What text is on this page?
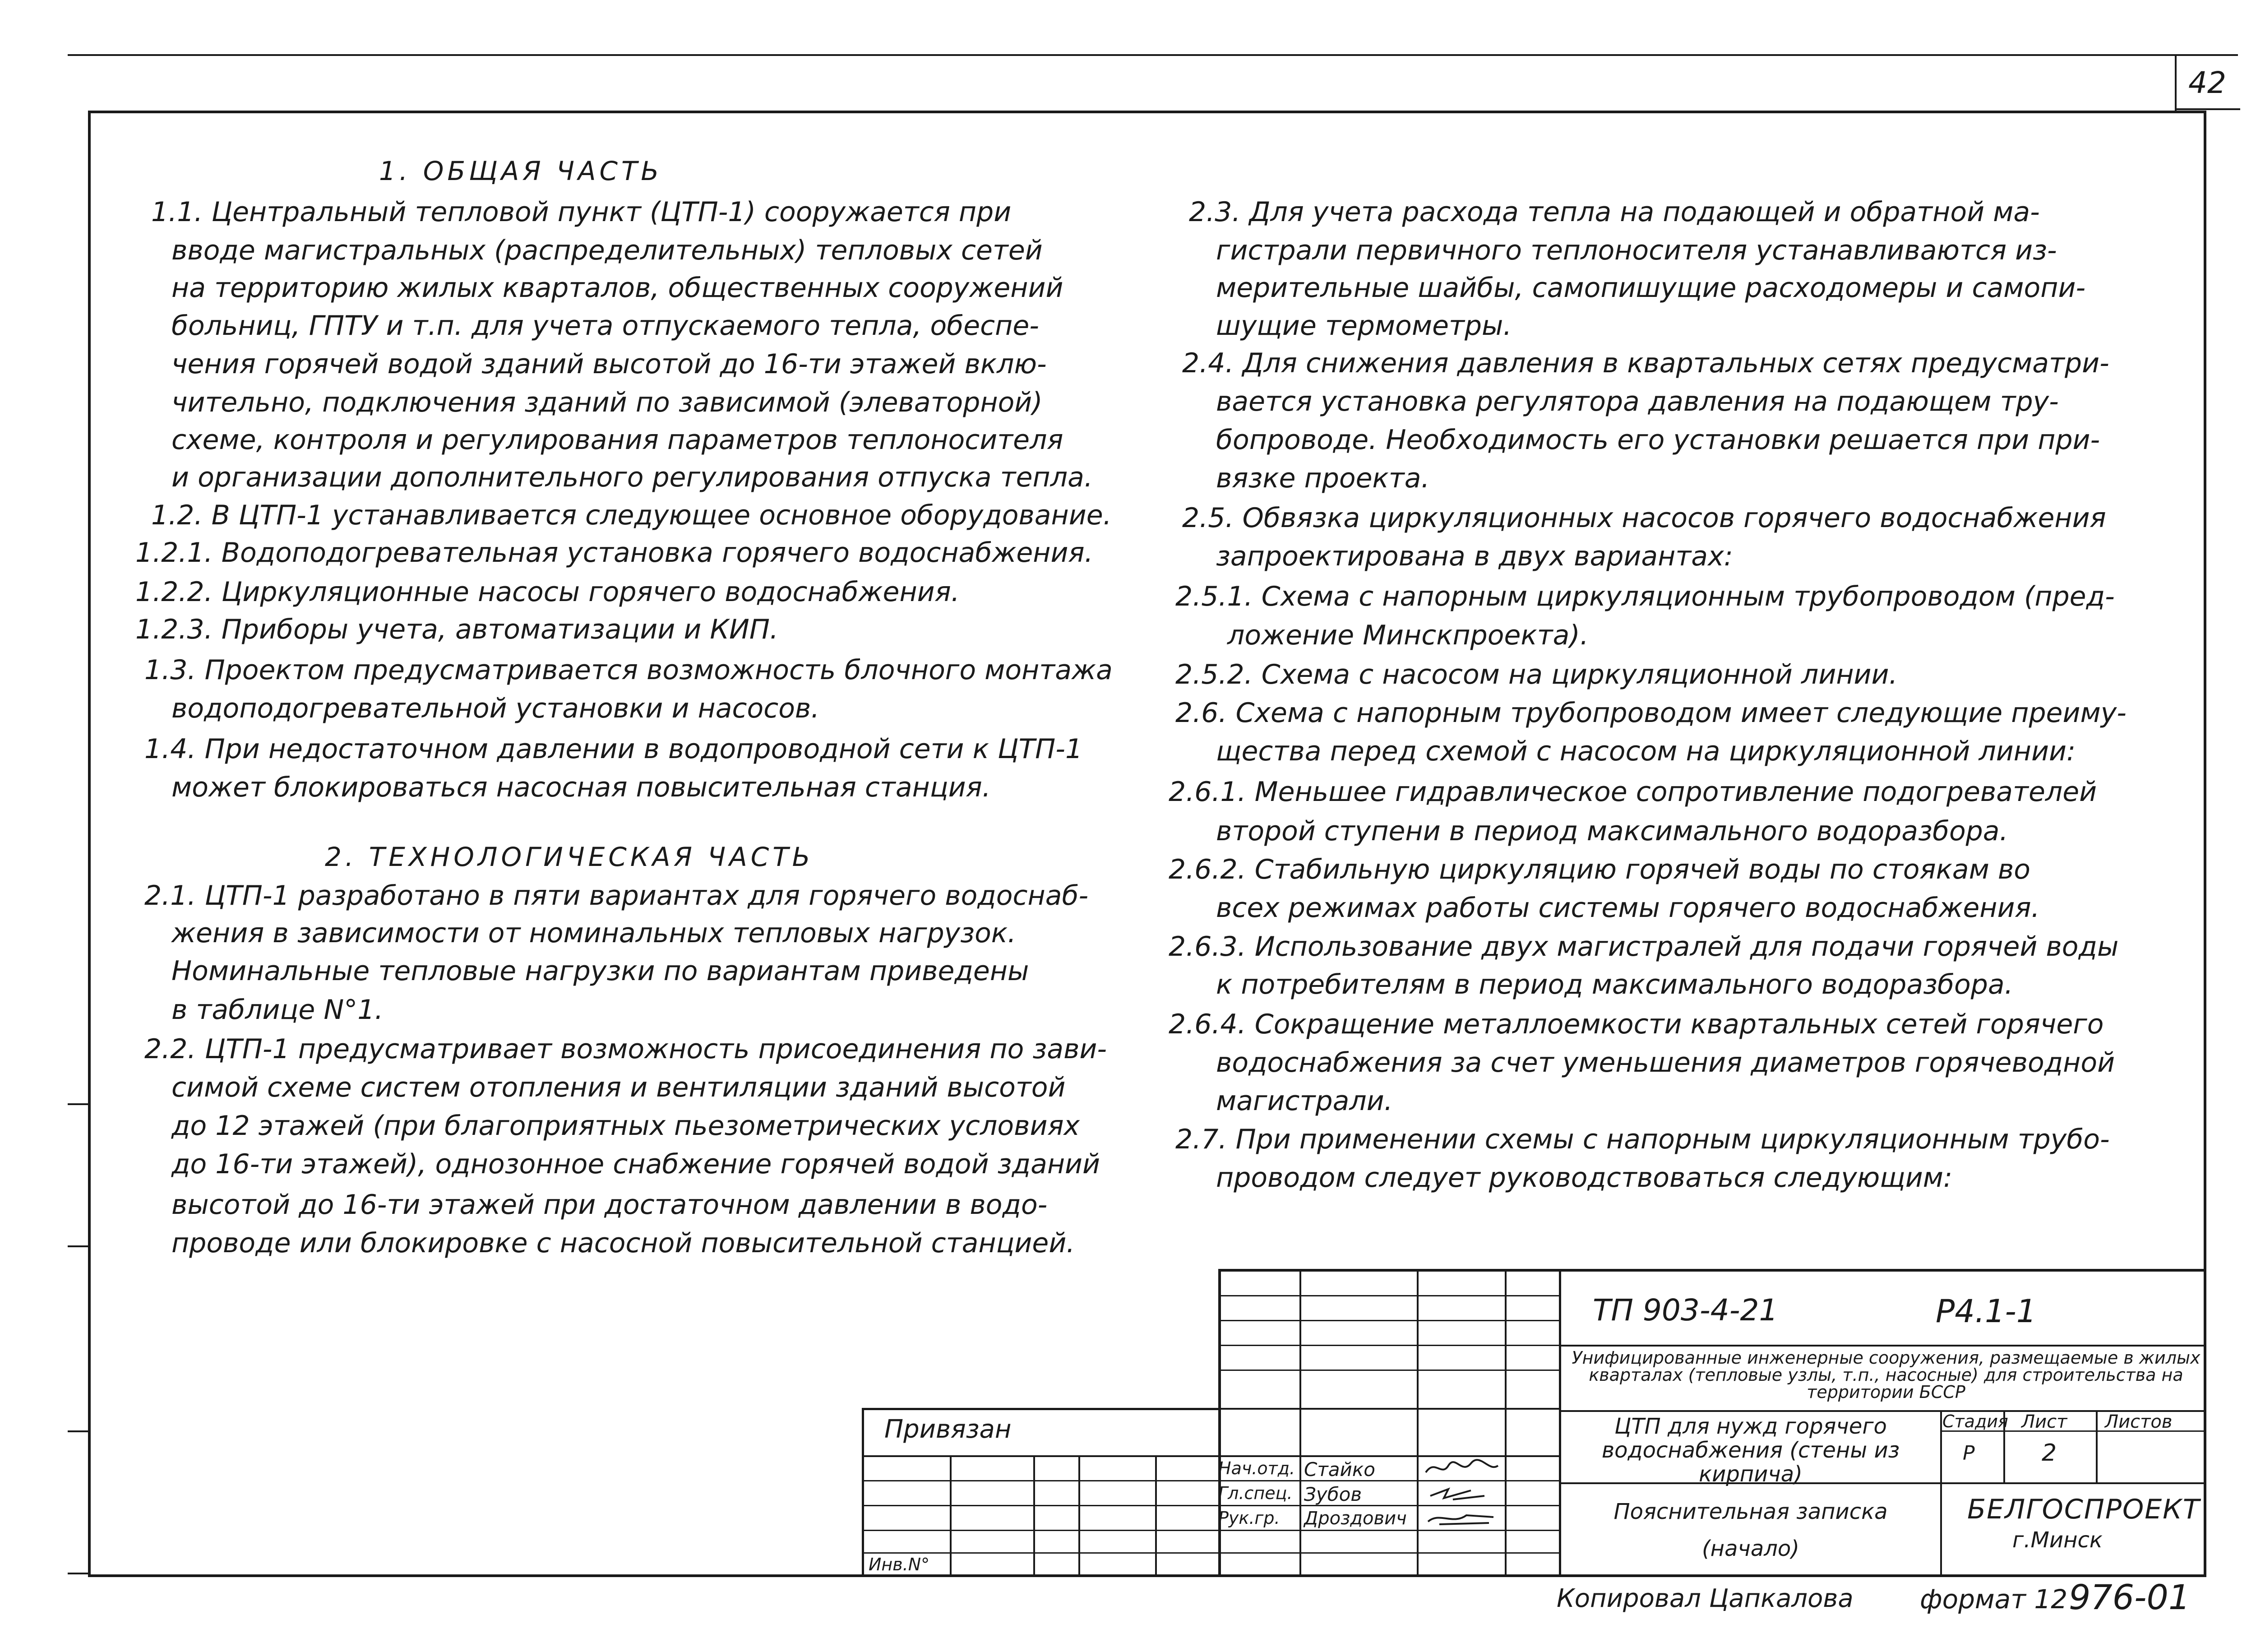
42
1. ОБЩАЯ ЧАСТЬ
1.1. Центральный тепловой пункт (ЦТП-1) сооружается при
вводе магистральных (распределительных) тепловых сетей
на территорию жилых кварталов, общественных сооружений
больниц, ГПТУ и т.п. для учета отпускаемого тепла, обеспе-
чения горячей водой зданий высотой до 16-ти этажей вклю-
чительно, подключения зданий по зависимой (элеваторной)
схеме, контроля и регулирования параметров теплоносителя
и организации дополнительного регулирования отпуска тепла.
1.2. В ЦТП-1 устанавливается следующее основное оборудование.
1.2.1. Водоподогревательная установка горячего водоснабжения.
1.2.2. Циркуляционные насосы горячего водоснабжения.
1.2.3. Приборы учета, автоматизации и КИП.
1.3. Проектом предусматривается возможность блочного монтажа
водоподогревательной установки и насосов.
1.4. При недостаточном давлении в водопроводной сети к ЦТП-1
может блокироваться насосная повысительная станция.
2. ТЕХНОЛОГИЧЕСКАЯ ЧАСТЬ
2.1. ЦТП-1 разработано в пяти вариантах для горячего водоснаб-
жения в зависимости от номинальных тепловых нагрузок.
Номинальные тепловые нагрузки по вариантам приведены
в таблице N°1.
2.2. ЦТП-1 предусматривает возможность присоединения по зави-
симой схеме систем отопления и вентиляции зданий высотой
до 12 этажей (при благоприятных пьезометрических условиях
до 16-ти этажей), однозонное снабжение горячей водой зданий
высотой до 16-ти этажей при достаточном давлении в водо-
проводе или блокировке с насосной повысительной станцией.
2.3. Для учета расхода тепла на подающей и обратной ма-
гистрали первичного теплоносителя устанавливаются из-
мерительные шайбы, самопишущие расходомеры и самопи-
шущие термометры.
2.4. Для снижения давления в квартальных сетях предусматри-
вается установка регулятора давления на подающем тру-
бопроводе. Необходимость его установки решается при при-
вязке проекта.
2.5. Обвязка циркуляционных насосов горячего водоснабжения
запроектирована в двух вариантах:
2.5.1. Схема с напорным циркуляционным трубопроводом (пред-
ложение Минскпроекта).
2.5.2. Схема с насосом на циркуляционной линии.
2.6. Схема с напорным трубопроводом имеет следующие преиму-
щества перед схемой с насосом на циркуляционной линии:
2.6.1. Меньшее гидравлическое сопротивление подогревателей
второй ступени в период максимального водоразбора.
2.6.2. Стабильную циркуляцию горячей воды по стоякам во
всех режимах работы системы горячего водоснабжения.
2.6.3. Использование двух магистралей для подачи горячей воды
к потребителям в период максимального водоразбора.
2.6.4. Сокращение металлоемкости квартальных сетей горячего
водоснабжения за счет уменьшения диаметров горячеводной
магистрали.
2.7. При применении схемы с напорным циркуляционным трубо-
проводом следует руководствоваться следующим:
ТП 903-4-21	Р4.1-1
Унифицированные инженерные сооружения, размещаемые в жилых кварталах (тепловые узлы, т.п., насосные) для строительства на территории БССР
ЦТП для нужд горячего водоснабжения (стены из кирпича)
Пояснительная записка (начало)
Стадия Лист Листов
Р	2
БЕЛГОСПРОЕКТ
г.Минск
Привязан
Инв.N°
Нач.отд. Стайко
Гл.спец. Зубов
Рук.гр. Дроздович
Копировал Цапкалова	формат 12 976-01
